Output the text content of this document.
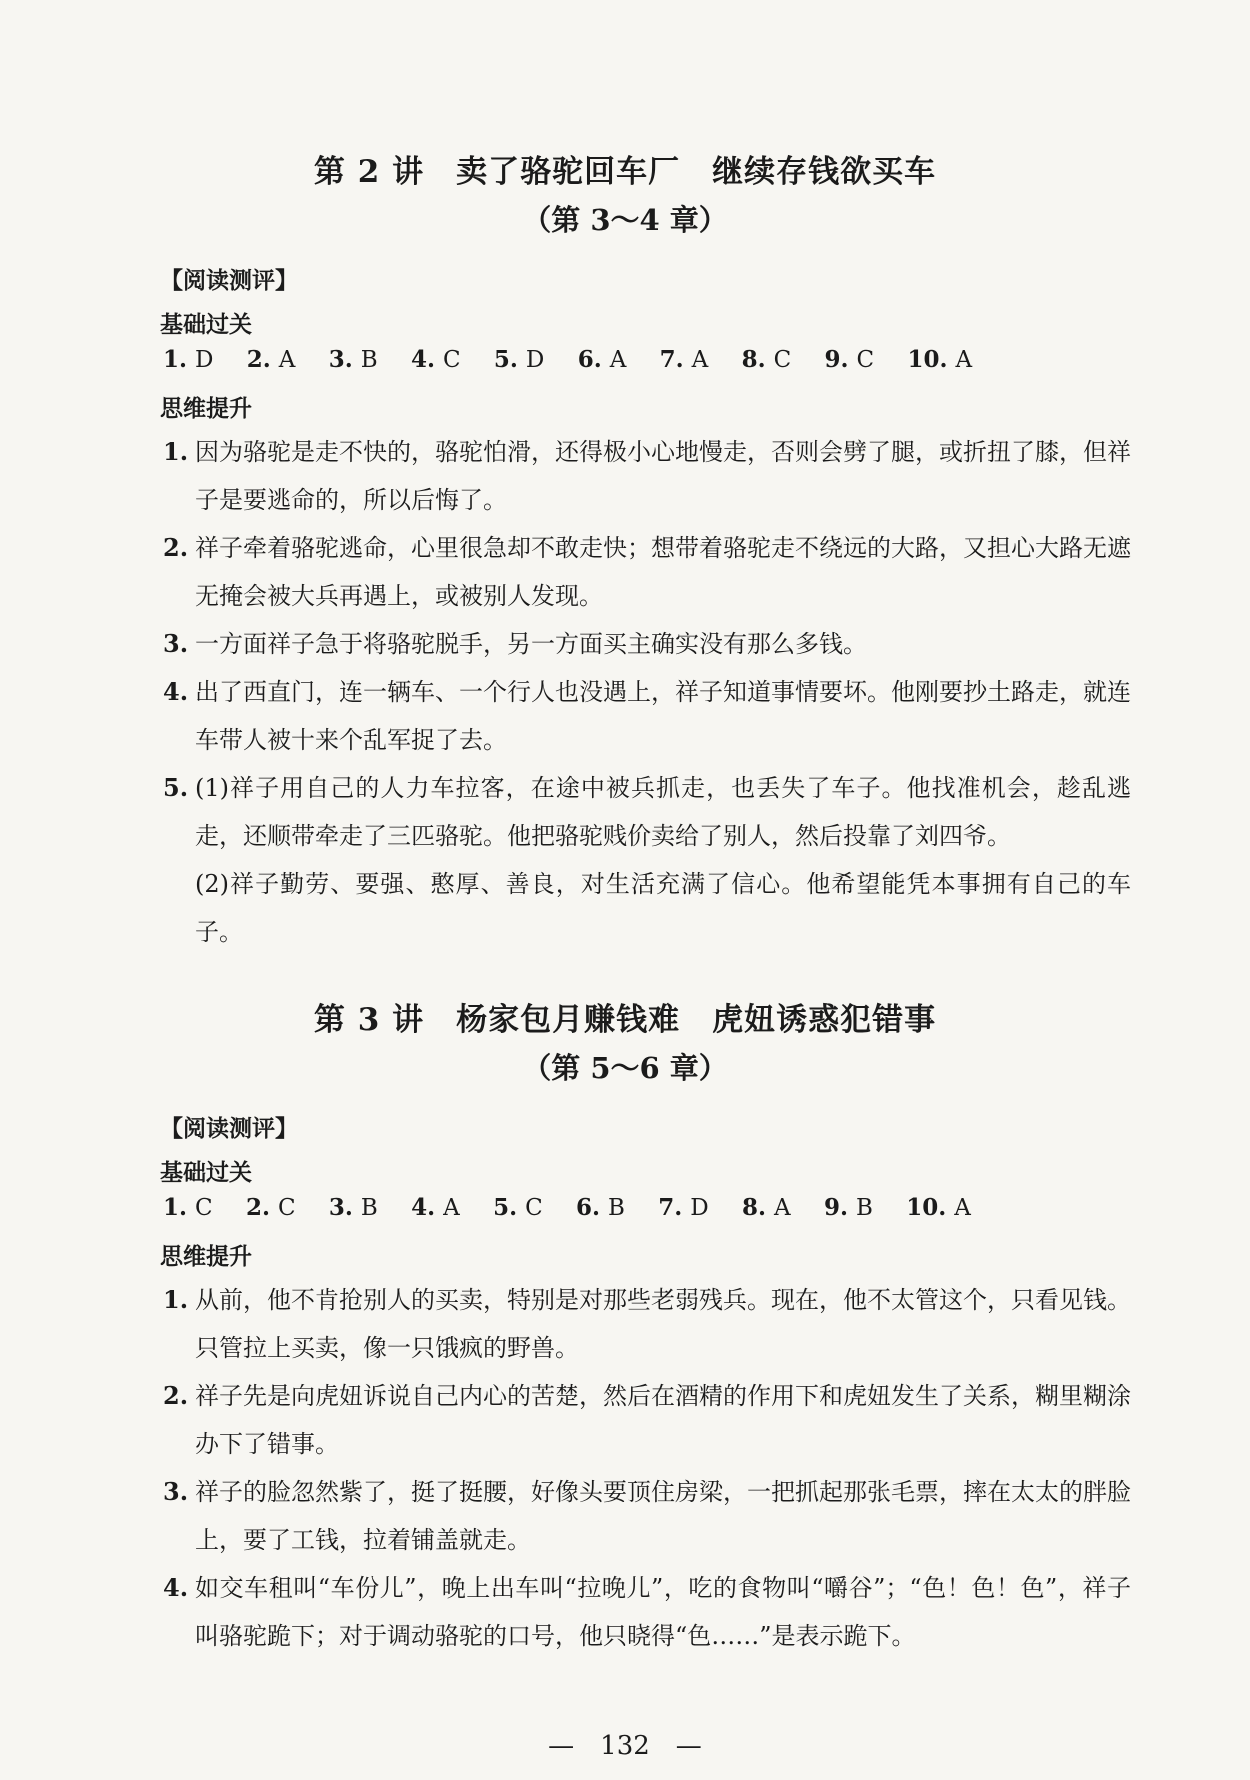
第 2 讲　卖了骆驼回车厂　继续存钱欲买车
（第 3～4 章）
【阅读测评】
基础过关
1. D 2. A 3. B 4. C 5. D 6. A 7. A 8. C 9. C 10. A
思维提升
1. 因为骆驼是走不快的，骆驼怕滑，还得极小心地慢走，否则会劈了腿，或折扭了膝，但祥子是要逃命的，所以后悔了。
2. 祥子牵着骆驼逃命，心里很急却不敢走快；想带着骆驼走不绕远的大路，又担心大路无遮无掩会被大兵再遇上，或被别人发现。
3. 一方面祥子急于将骆驼脱手，另一方面买主确实没有那么多钱。
4. 出了西直门，连一辆车、一个行人也没遇上，祥子知道事情要坏。他刚要抄土路走，就连车带人被十来个乱军捉了去。
5. (1)祥子用自己的人力车拉客，在途中被兵抓走，也丢失了车子。他找准机会，趁乱逃走，还顺带牵走了三匹骆驼。他把骆驼贱价卖给了别人，然后投靠了刘四爷。
(2)祥子勤劳、要强、憨厚、善良，对生活充满了信心。他希望能凭本事拥有自己的车子。
第 3 讲　杨家包月赚钱难　虎妞诱惑犯错事
（第 5～6 章）
【阅读测评】
基础过关
1. C 2. C 3. B 4. A 5. C 6. B 7. D 8. A 9. B 10. A
思维提升
1. 从前，他不肯抢别人的买卖，特别是对那些老弱残兵。现在，他不太管这个，只看见钱。只管拉上买卖，像一只饿疯的野兽。
2. 祥子先是向虎妞诉说自己内心的苦楚，然后在酒精的作用下和虎妞发生了关系，糊里糊涂办下了错事。
3. 祥子的脸忽然紫了，挺了挺腰，好像头要顶住房梁，一把抓起那张毛票，摔在太太的胖脸上，要了工钱，拉着铺盖就走。
4. 如交车租叫“车份儿”，晚上出车叫“拉晚儿”，吃的食物叫“嚼谷”；“色！色！色”，祥子叫骆驼跪下；对于调动骆驼的口号，他只晓得“色……”是表示跪下。
—　132　—
